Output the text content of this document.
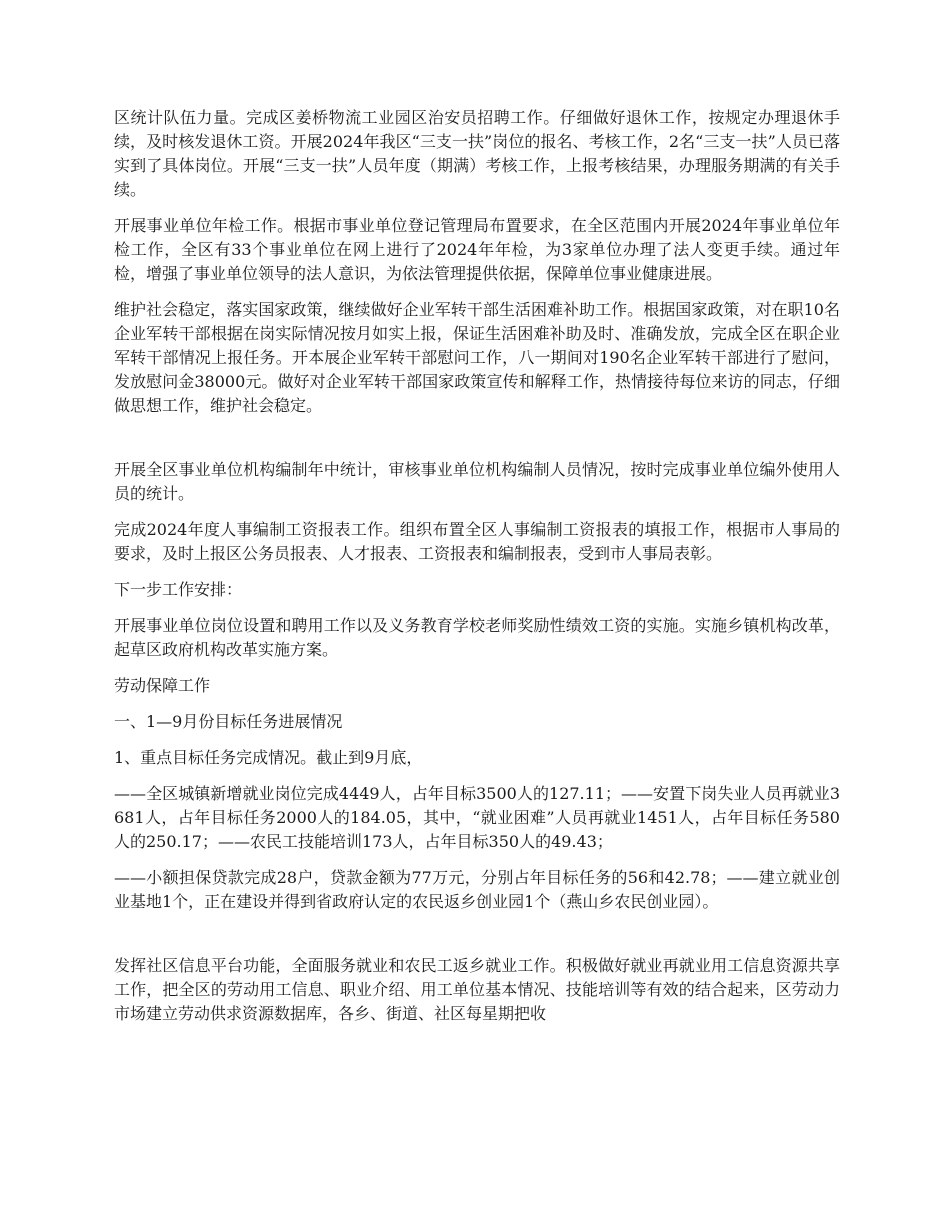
区统计队伍力量。完成区姜桥物流工业园区治安员招聘工作。仔细做好退休工作，按规定办理退休手续，及时核发退休工资。开展2024年我区“三支一扶”岗位的报名、考核工作，2名“三支一扶”人员已落实到了具体岗位。开展“三支一扶”人员年度（期满）考核工作，上报考核结果，办理服务期满的有关手续。

开展事业单位年检工作。根据市事业单位登记管理局布置要求，在全区范围内开展2024年事业单位年检工作，全区有33个事业单位在网上进行了2024年年检，为3家单位办理了法人变更手续。通过年检，增强了事业单位领导的法人意识，为依法管理提供依据，保障单位事业健康进展。

维护社会稳定，落实国家政策，继续做好企业军转干部生活困难补助工作。根据国家政策，对在职10名企业军转干部根据在岗实际情况按月如实上报，保证生活困难补助及时、准确发放，完成全区在职企业军转干部情况上报任务。开本展企业军转干部慰问工作，八一期间对190名企业军转干部进行了慰问，发放慰问金38000元。做好对企业军转干部国家政策宣传和解释工作，热情接待每位来访的同志，仔细做思想工作，维护社会稳定。

开展全区事业单位机构编制年中统计，审核事业单位机构编制人员情况，按时完成事业单位编外使用人员的统计。

完成2024年度人事编制工资报表工作。组织布置全区人事编制工资报表的填报工作，根据市人事局的要求，及时上报区公务员报表、人才报表、工资报表和编制报表，受到市人事局表彰。

下一步工作安排：

开展事业单位岗位设置和聘用工作以及义务教育学校老师奖励性绩效工资的实施。实施乡镇机构改革，起草区政府机构改革实施方案。

劳动保障工作

一、1—9月份目标任务进展情况

1、重点目标任务完成情况。截止到9月底，

——全区城镇新增就业岗位完成4449人，占年目标3500人的127.11；——安置下岗失业人员再就业3681人，占年目标任务2000人的184.05，其中，“就业困难”人员再就业1451人，占年目标任务580人的250.17；——农民工技能培训173人，占年目标350人的49.43；

——小额担保贷款完成28户，贷款金额为77万元，分别占年目标任务的56和42.78；——建立就业创业基地1个，正在建设并得到省政府认定的农民返乡创业园1个（燕山乡农民创业园）。

发挥社区信息平台功能，全面服务就业和农民工返乡就业工作。积极做好就业再就业用工信息资源共享工作，把全区的劳动用工信息、职业介绍、用工单位基本情况、技能培训等有效的结合起来，区劳动力市场建立劳动供求资源数据库，各乡、街道、社区每星期把收
